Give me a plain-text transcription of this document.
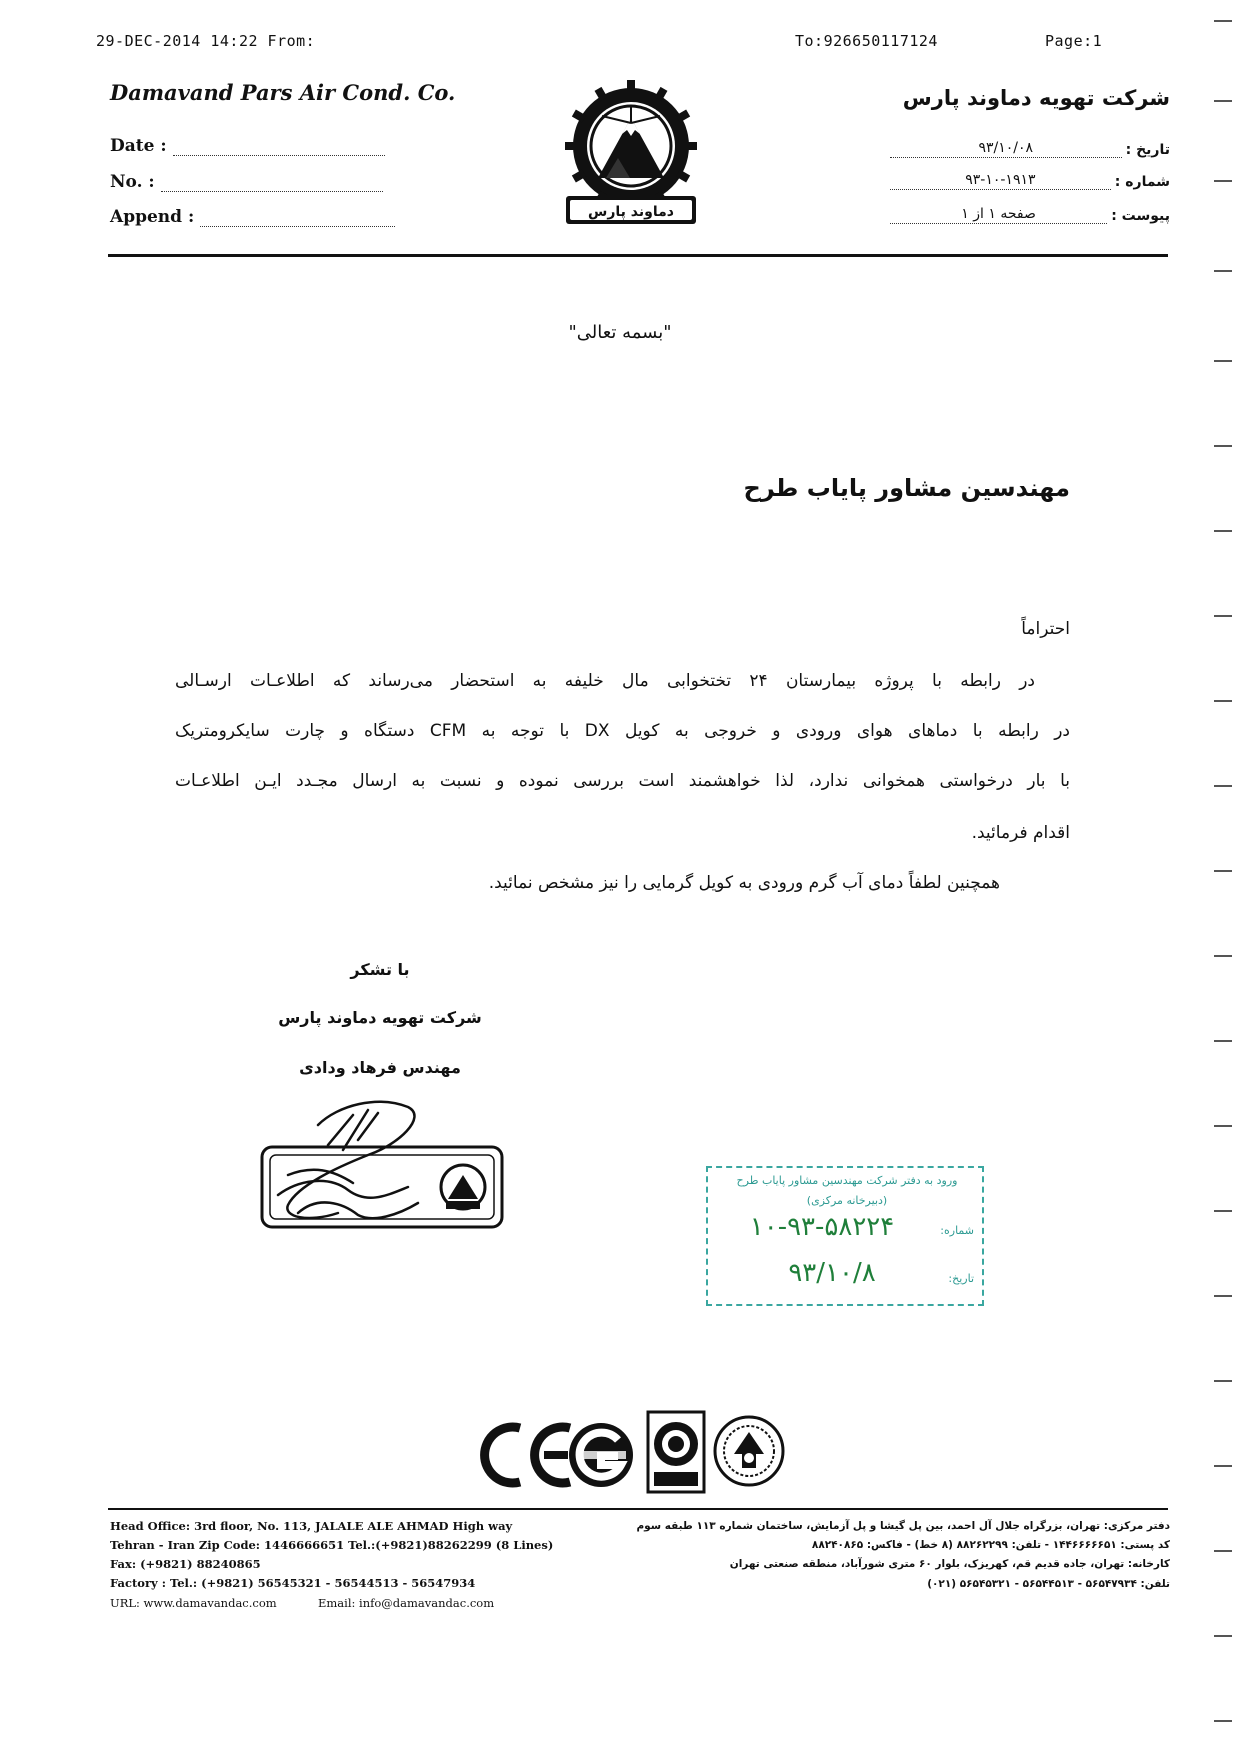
29-DEC-2014 14:22 From:	To:926650117124	Page:1
Damavand Pars Air Cond. Co.	شرکت تهویه دماوند پارس
Date :
No. :
Append :	دماوند پارس
تاریخ :
۹۳/۱۰/۰۸
شماره :
۹۳-۱۰-۱۹۱۳
پیوست :
صفحه ۱ از ۱
"بسمه تعالی"
مهندسین مشاور پایاب طرح
احتراماً
در رابطه با پروژه بیمارستان ۲۴ تختخوابی مال خلیفه به استحضار می‌رساند که اطلاعـات ارسـالی
در رابطه با دماهای هوای ورودی و خروجی به کویل DX با توجه به CFM دستگاه و چارت سایکرومتریک
با بار درخواستی همخوانی ندارد، لذا خواهشمند است بررسی نموده و نسبت به ارسال مجـدد ایـن اطلاعـات
اقدام فرمائید.
همچنین لطفاً دمای آب گرم ورودی به کویل گرمایی را نیز مشخص نمائید.
با تشکر
شرکت تهویه دماوند پارس
مهندس فرهاد ودادی
ورود به دفتر شرکت مهندسین مشاور پایاب طرح
(دبیرخانه مرکزی)
شماره:
۱۰-۹۳-۵۸۲۲۴
تاریخ:
۹۳/۱۰/۸
Head Office: 3rd floor, No. 113, JALALE ALE AHMAD High way
Tehran - Iran Zip Code: 1446666651 Tel.:(+9821)88262299 (8 Lines)
Fax: (+9821) 88240865
Factory : Tel.: (+9821) 56545321 - 56544513 - 56547934
URL: www.damavandac.com	Email: info@damavandac.com
دفتر مرکزی: تهران، بزرگراه جلال آل احمد، بین پل گیشا و پل آزمایش، ساختمان شماره ۱۱۳ طبقه سوم
کد پستی: ۱۴۴۶۶۶۶۶۵۱ - تلفن: ۸۸۲۶۲۲۹۹ (۸ خط) - فاکس: ۸۸۲۴۰۸۶۵
کارخانه: تهران، جاده قدیم قم، کهریزک، بلوار ۶۰ متری شورآباد، منطقه صنعتی تهران
تلفن: ۵۶۵۴۷۹۳۴ - ۵۶۵۴۴۵۱۳ - ۵۶۵۴۵۳۲۱ (۰۲۱)
